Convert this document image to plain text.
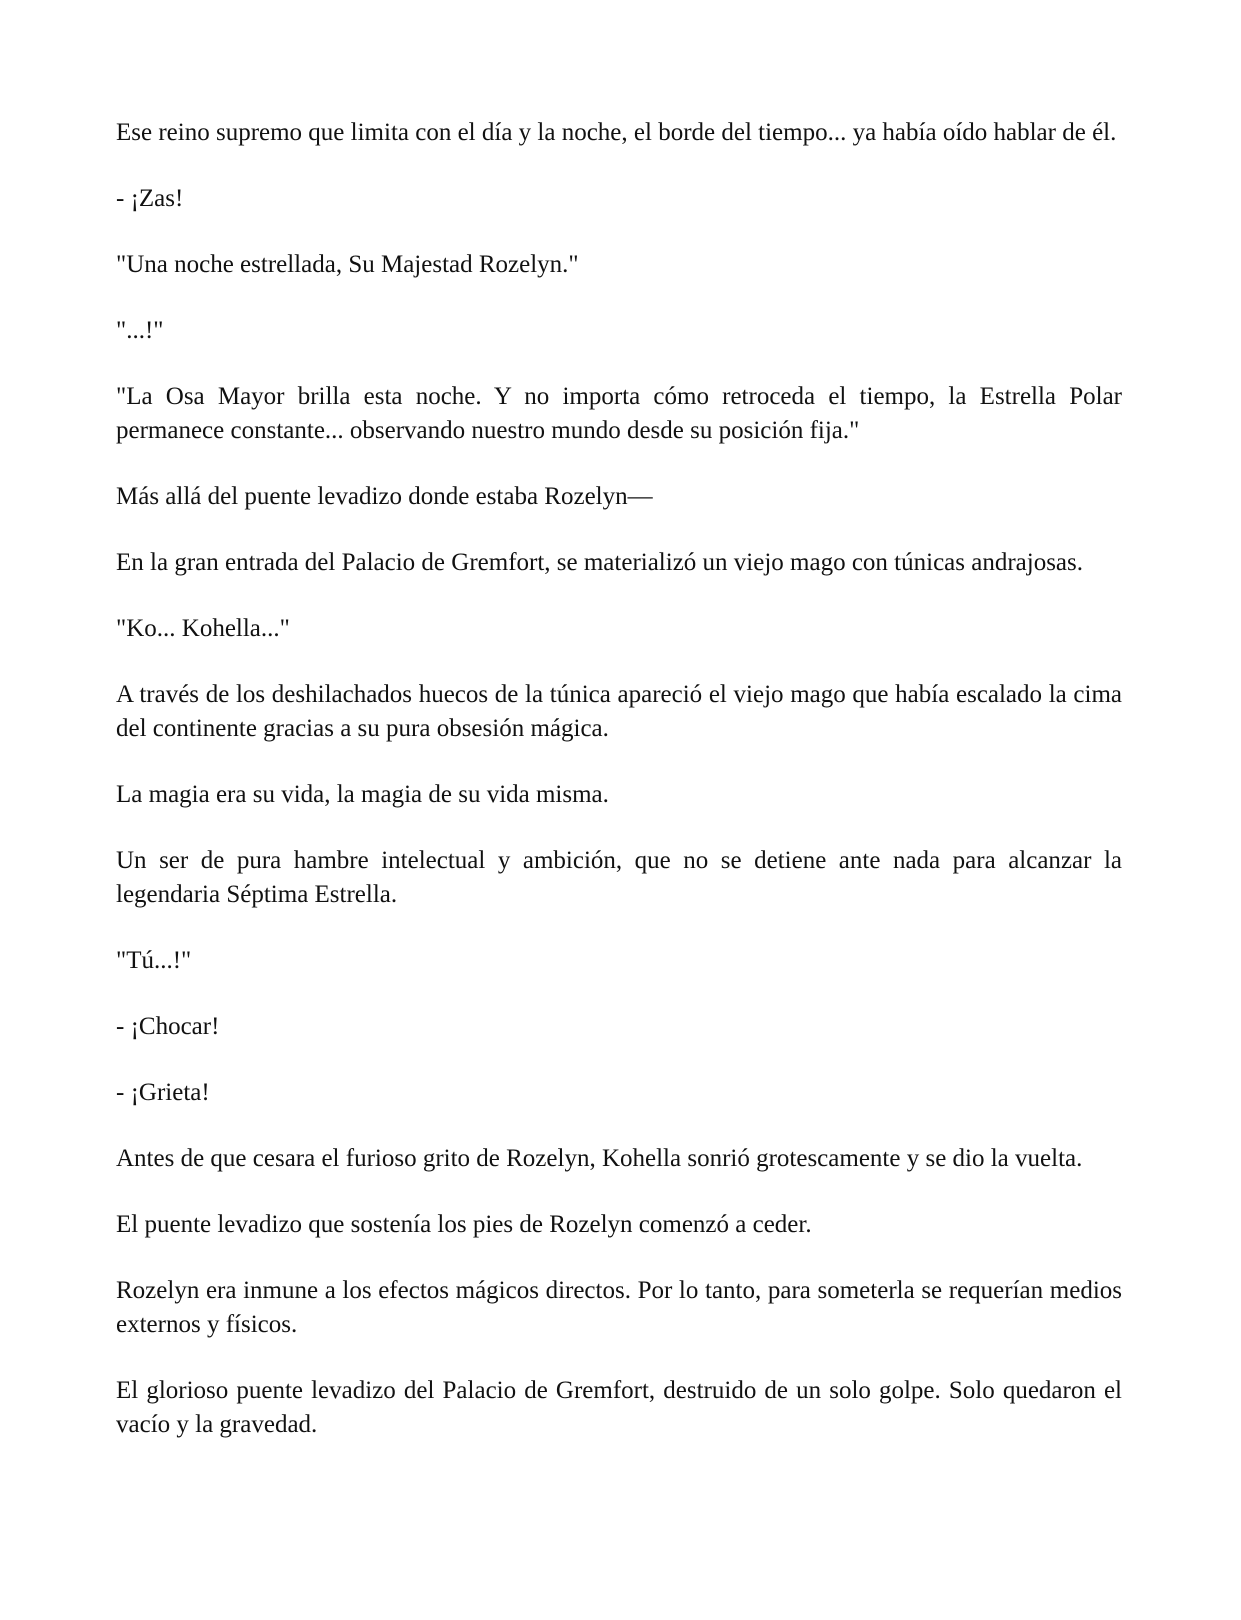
Ese reino supremo que limita con el día y la noche, el borde del tiempo... ya había oído hablar de él.

- ¡Zas!

"Una noche estrellada, Su Majestad Rozelyn."

"...!"

"La Osa Mayor brilla esta noche. Y no importa cómo retroceda el tiempo, la Estrella Polar permanece constante... observando nuestro mundo desde su posición fija."

Más allá del puente levadizo donde estaba Rozelyn—

En la gran entrada del Palacio de Gremfort, se materializó un viejo mago con túnicas andrajosas.

"Ko... Kohella..."

A través de los deshilachados huecos de la túnica apareció el viejo mago que había escalado la cima del continente gracias a su pura obsesión mágica.

La magia era su vida, la magia de su vida misma.

Un ser de pura hambre intelectual y ambición, que no se detiene ante nada para alcanzar la legendaria Séptima Estrella.

"Tú...!"

- ¡Chocar!

- ¡Grieta!

Antes de que cesara el furioso grito de Rozelyn, Kohella sonrió grotescamente y se dio la vuelta.

El puente levadizo que sostenía los pies de Rozelyn comenzó a ceder.

Rozelyn era inmune a los efectos mágicos directos. Por lo tanto, para someterla se requerían medios externos y físicos.

El glorioso puente levadizo del Palacio de Gremfort, destruido de un solo golpe. Solo quedaron el vacío y la gravedad.
